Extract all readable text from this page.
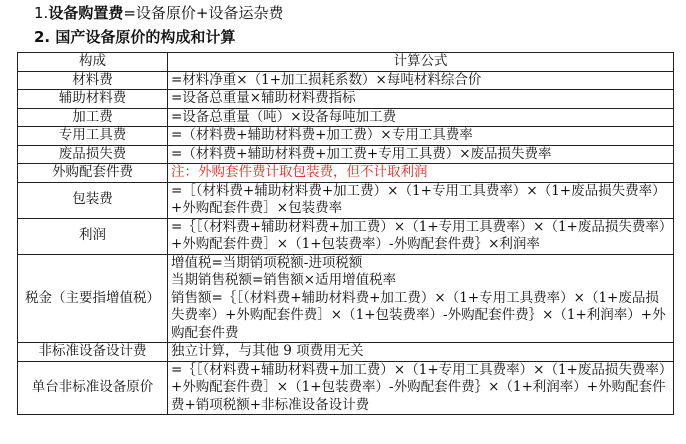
1.设备购置费=设备原价+设备运杂费
2. 国产设备原价的构成和计算
构成	计算公式
材料费	=材料净重×（1+加工损耗系数）×每吨材料综合价

辅助材料费	=设备总重量×辅助材料费指标

加工费	=设备总重量（吨）×设备每吨加工费

专用工具费	=（材料费+辅助材料费+加工费）×专用工具费率

废品损失费	=（材料费+辅助材料费+加工费+专用工具费）×废品损失费率

外购配套件费	注：外购套件费计取包装费，但不计取利润

包装费	=［（材料费+辅助材料费+加工费）×（1+专用工具费率）×（1+废品损失费率）+外购配套件费］×包装费率

利润	=｛［（材料费+辅助材料费+加工费）×（1+专用工具费率）×（1+废品损失费率）+外购配套件费］×（1+包装费率）-外购配套件费｝×利润率

税金（主要指增值税）	增值税=当期销项税额-进项税额
当期销售税额=销售额×适用增值税率
销售额=｛［（材料费+辅助材料费+加工费）×（1+专用工具费率）×（1+废品损失费率）+外购配套件费］×（1+包装费率）-外购配套件费｝×（1+利润率）+外购配套件费

非标准设备设计费	独立计算，与其他 9 项费用无关

单台非标准设备原价	=｛［（材料费+辅助材料费+加工费）×（1+专用工具费率）×（1+废品损失费率）+外购配套件费］×（1+包装费率）-外购配套件费｝×（1+利润率）+外购配套件费+销项税额+非标准设备设计费
